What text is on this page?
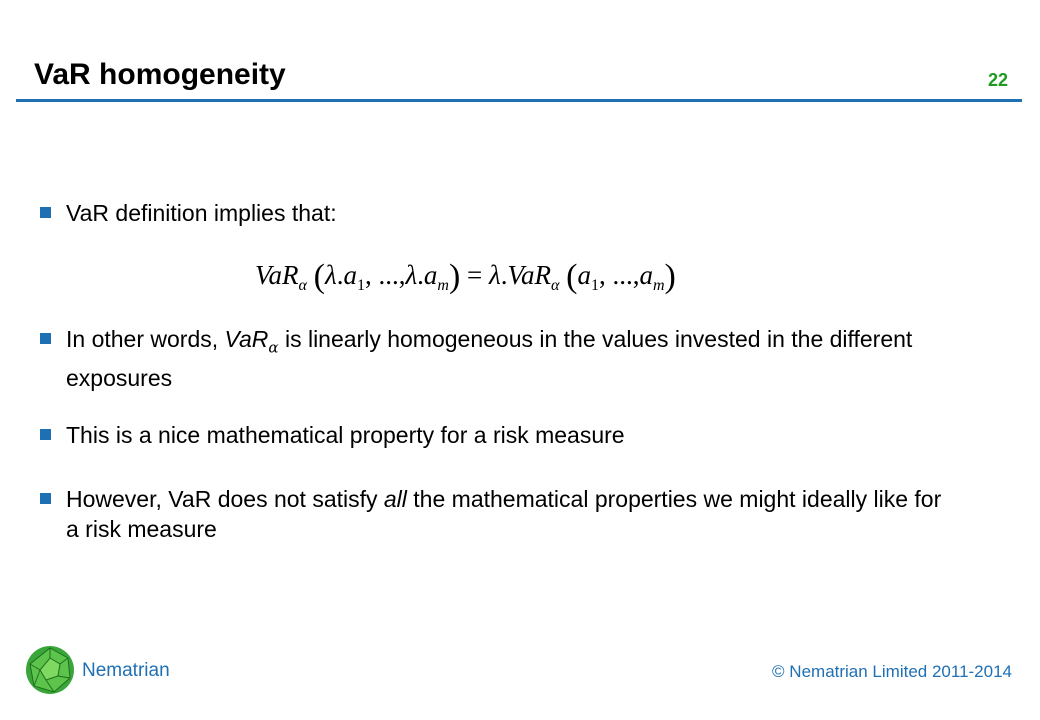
VaR homogeneity	22
VaR definition implies that:
VaR$_\alpha$ ($\lambda.a_1$, $...,\lambda.a_m) = \lambda.VaR_\alpha$ ($a_1$, $...,a_m$)
In other words, VaR$_\alpha$ is linearly homogeneous in the values invested in the different exposures
This is a nice mathematical property for a risk measure
However, VaR does not satisfy all the mathematical properties we might ideally like for a risk measure
Nematrian	© Nematrian Limited 2011-2014
